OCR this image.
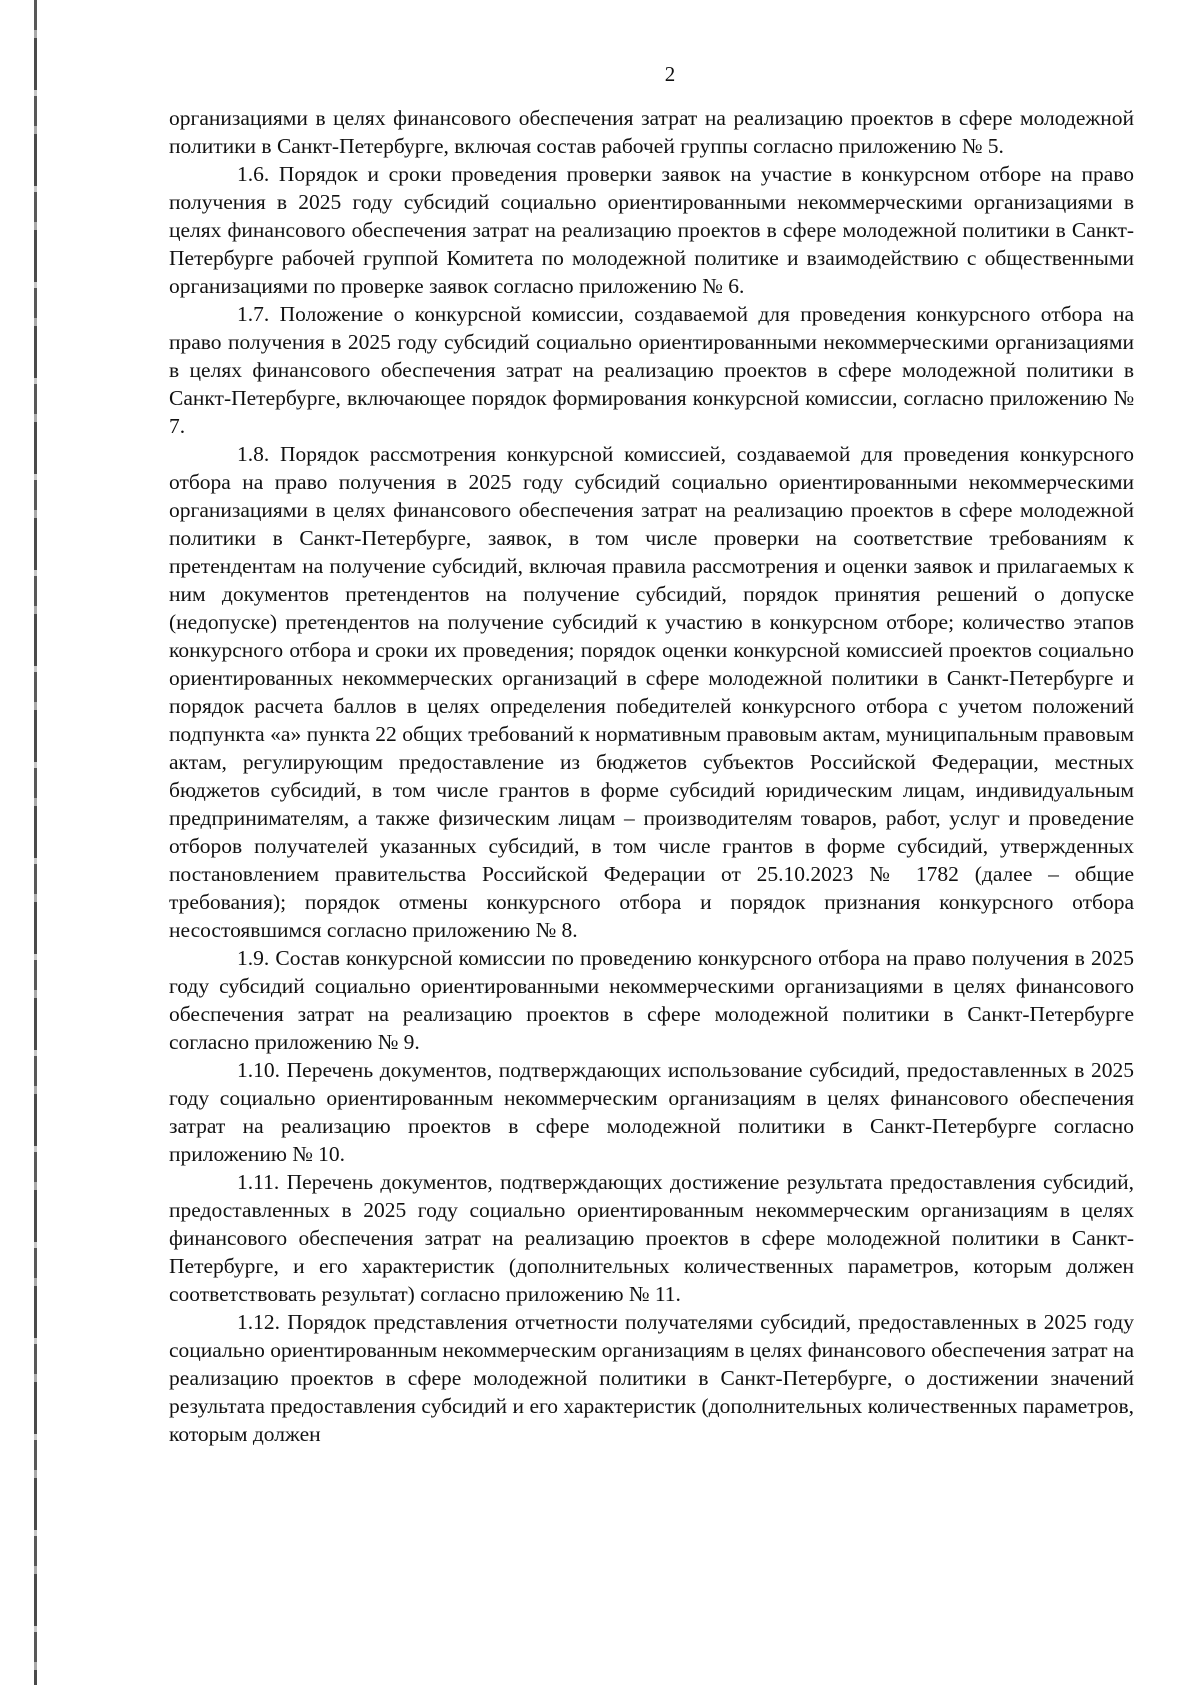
2

организациями в целях финансового обеспечения затрат на реализацию проектов в сфере молодежной политики в Санкт-Петербурге, включая состав рабочей группы согласно приложению № 5.

1.6. Порядок и сроки проведения проверки заявок на участие в конкурсном отборе на право получения в 2025 году субсидий социально ориентированными некоммерческими организациями в целях финансового обеспечения затрат на реализацию проектов в сфере молодежной политики в Санкт-Петербурге рабочей группой Комитета по молодежной политике и взаимодействию с общественными организациями по проверке заявок согласно приложению № 6.

1.7. Положение о конкурсной комиссии, создаваемой для проведения конкурсного отбора на право получения в 2025 году субсидий социально ориентированными некоммерческими организациями в целях финансового обеспечения затрат на реализацию проектов в сфере молодежной политики в Санкт-Петербурге, включающее порядок формирования конкурсной комиссии, согласно приложению № 7.

1.8. Порядок рассмотрения конкурсной комиссией, создаваемой для проведения конкурсного отбора на право получения в 2025 году субсидий социально ориентированными некоммерческими организациями в целях финансового обеспечения затрат на реализацию проектов в сфере молодежной политики в Санкт-Петербурге, заявок, в том числе проверки на соответствие требованиям к претендентам на получение субсидий, включая правила рассмотрения и оценки заявок и прилагаемых к ним документов претендентов на получение субсидий, порядок принятия решений о допуске (недопуске) претендентов на получение субсидий к участию в конкурсном отборе; количество этапов конкурсного отбора и сроки их проведения; порядок оценки конкурсной комиссией проектов социально ориентированных некоммерческих организаций в сфере молодежной политики в Санкт-Петербурге и порядок расчета баллов в целях определения победителей конкурсного отбора с учетом положений подпункта «а» пункта 22 общих требований к нормативным правовым актам, муниципальным правовым актам, регулирующим предоставление из бюджетов субъектов Российской Федерации, местных бюджетов субсидий, в том числе грантов в форме субсидий юридическим лицам, индивидуальным предпринимателям, а также физическим лицам – производителям товаров, работ, услуг и проведение отборов получателей указанных субсидий, в том числе грантов в форме субсидий, утвержденных постановлением правительства Российской Федерации от 25.10.2023 № 1782 (далее – общие требования); порядок отмены конкурсного отбора и порядок признания конкурсного отбора несостоявшимся согласно приложению № 8.

1.9. Состав конкурсной комиссии по проведению конкурсного отбора на право получения в 2025 году субсидий социально ориентированными некоммерческими организациями в целях финансового обеспечения затрат на реализацию проектов в сфере молодежной политики в Санкт-Петербурге согласно приложению № 9.

1.10. Перечень документов, подтверждающих использование субсидий, предоставленных в 2025 году социально ориентированным некоммерческим организациям в целях финансового обеспечения затрат на реализацию проектов в сфере молодежной политики в Санкт-Петербурге согласно приложению № 10.

1.11. Перечень документов, подтверждающих достижение результата предоставления субсидий, предоставленных в 2025 году социально ориентированным некоммерческим организациям в целях финансового обеспечения затрат на реализацию проектов в сфере молодежной политики в Санкт-Петербурге, и его характеристик (дополнительных количественных параметров, которым должен соответствовать результат) согласно приложению № 11.

1.12. Порядок представления отчетности получателями субсидий, предоставленных в 2025 году социально ориентированным некоммерческим организациям в целях финансового обеспечения затрат на реализацию проектов в сфере молодежной политики в Санкт-Петербурге, о достижении значений результата предоставления субсидий и его характеристик (дополнительных количественных параметров, которым должен
